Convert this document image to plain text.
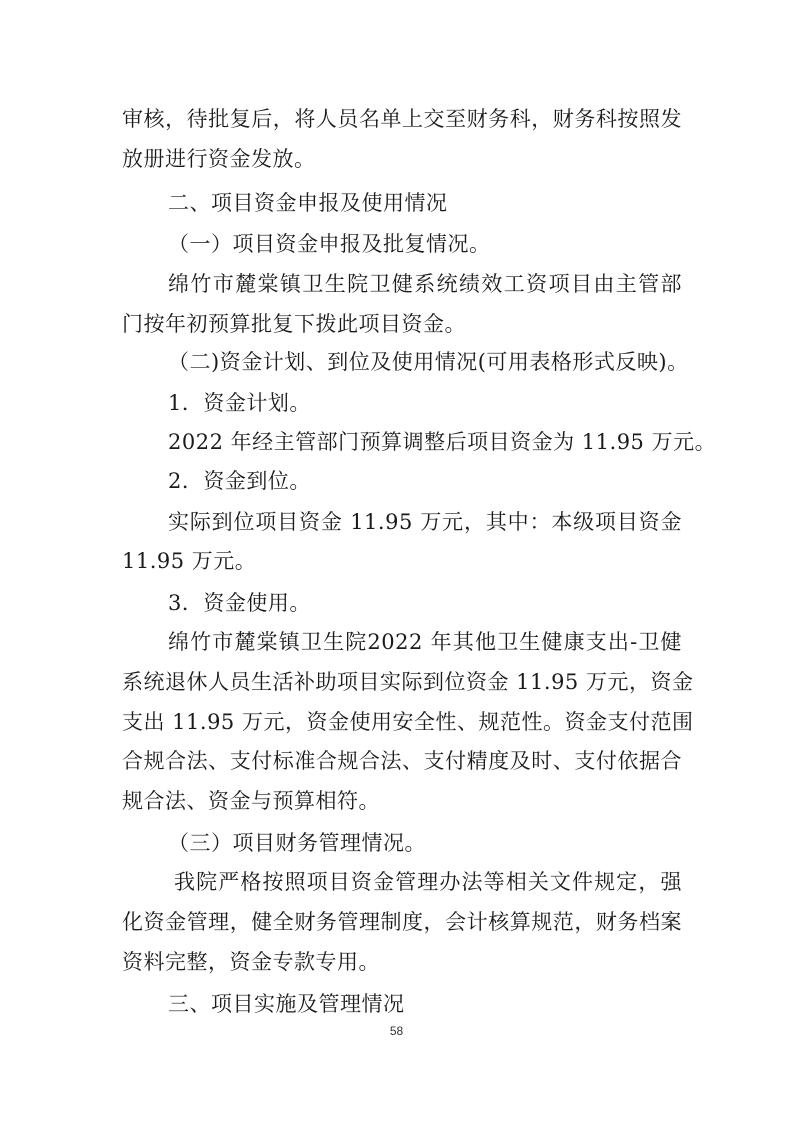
审核，待批复后，将人员名单上交至财务科，财务科按照发
放册进行资金发放。
二、项目资金申报及使用情况
（一）项目资金申报及批复情况。
绵竹市麓棠镇卫生院卫健系统绩效工资项目由主管部
门按年初预算批复下拨此项目资金。
（二)资金计划、到位及使用情况(可用表格形式反映)。
1．资金计划。
2022 年经主管部门预算调整后项目资金为 11.95 万元。
2．资金到位。
实际到位项目资金 11.95 万元，其中：本级项目资金
11.95 万元。
3．资金使用。
绵竹市麓棠镇卫生院2022 年其他卫生健康支出-卫健
系统退休人员生活补助项目实际到位资金 11.95 万元，资金
支出 11.95 万元，资金使用安全性、规范性。资金支付范围
合规合法、支付标准合规合法、支付精度及时、支付依据合
规合法、资金与预算相符。
（三）项目财务管理情况。
我院严格按照项目资金管理办法等相关文件规定，强
化资金管理，健全财务管理制度，会计核算规范，财务档案
资料完整，资金专款专用。
三、项目实施及管理情况
58
